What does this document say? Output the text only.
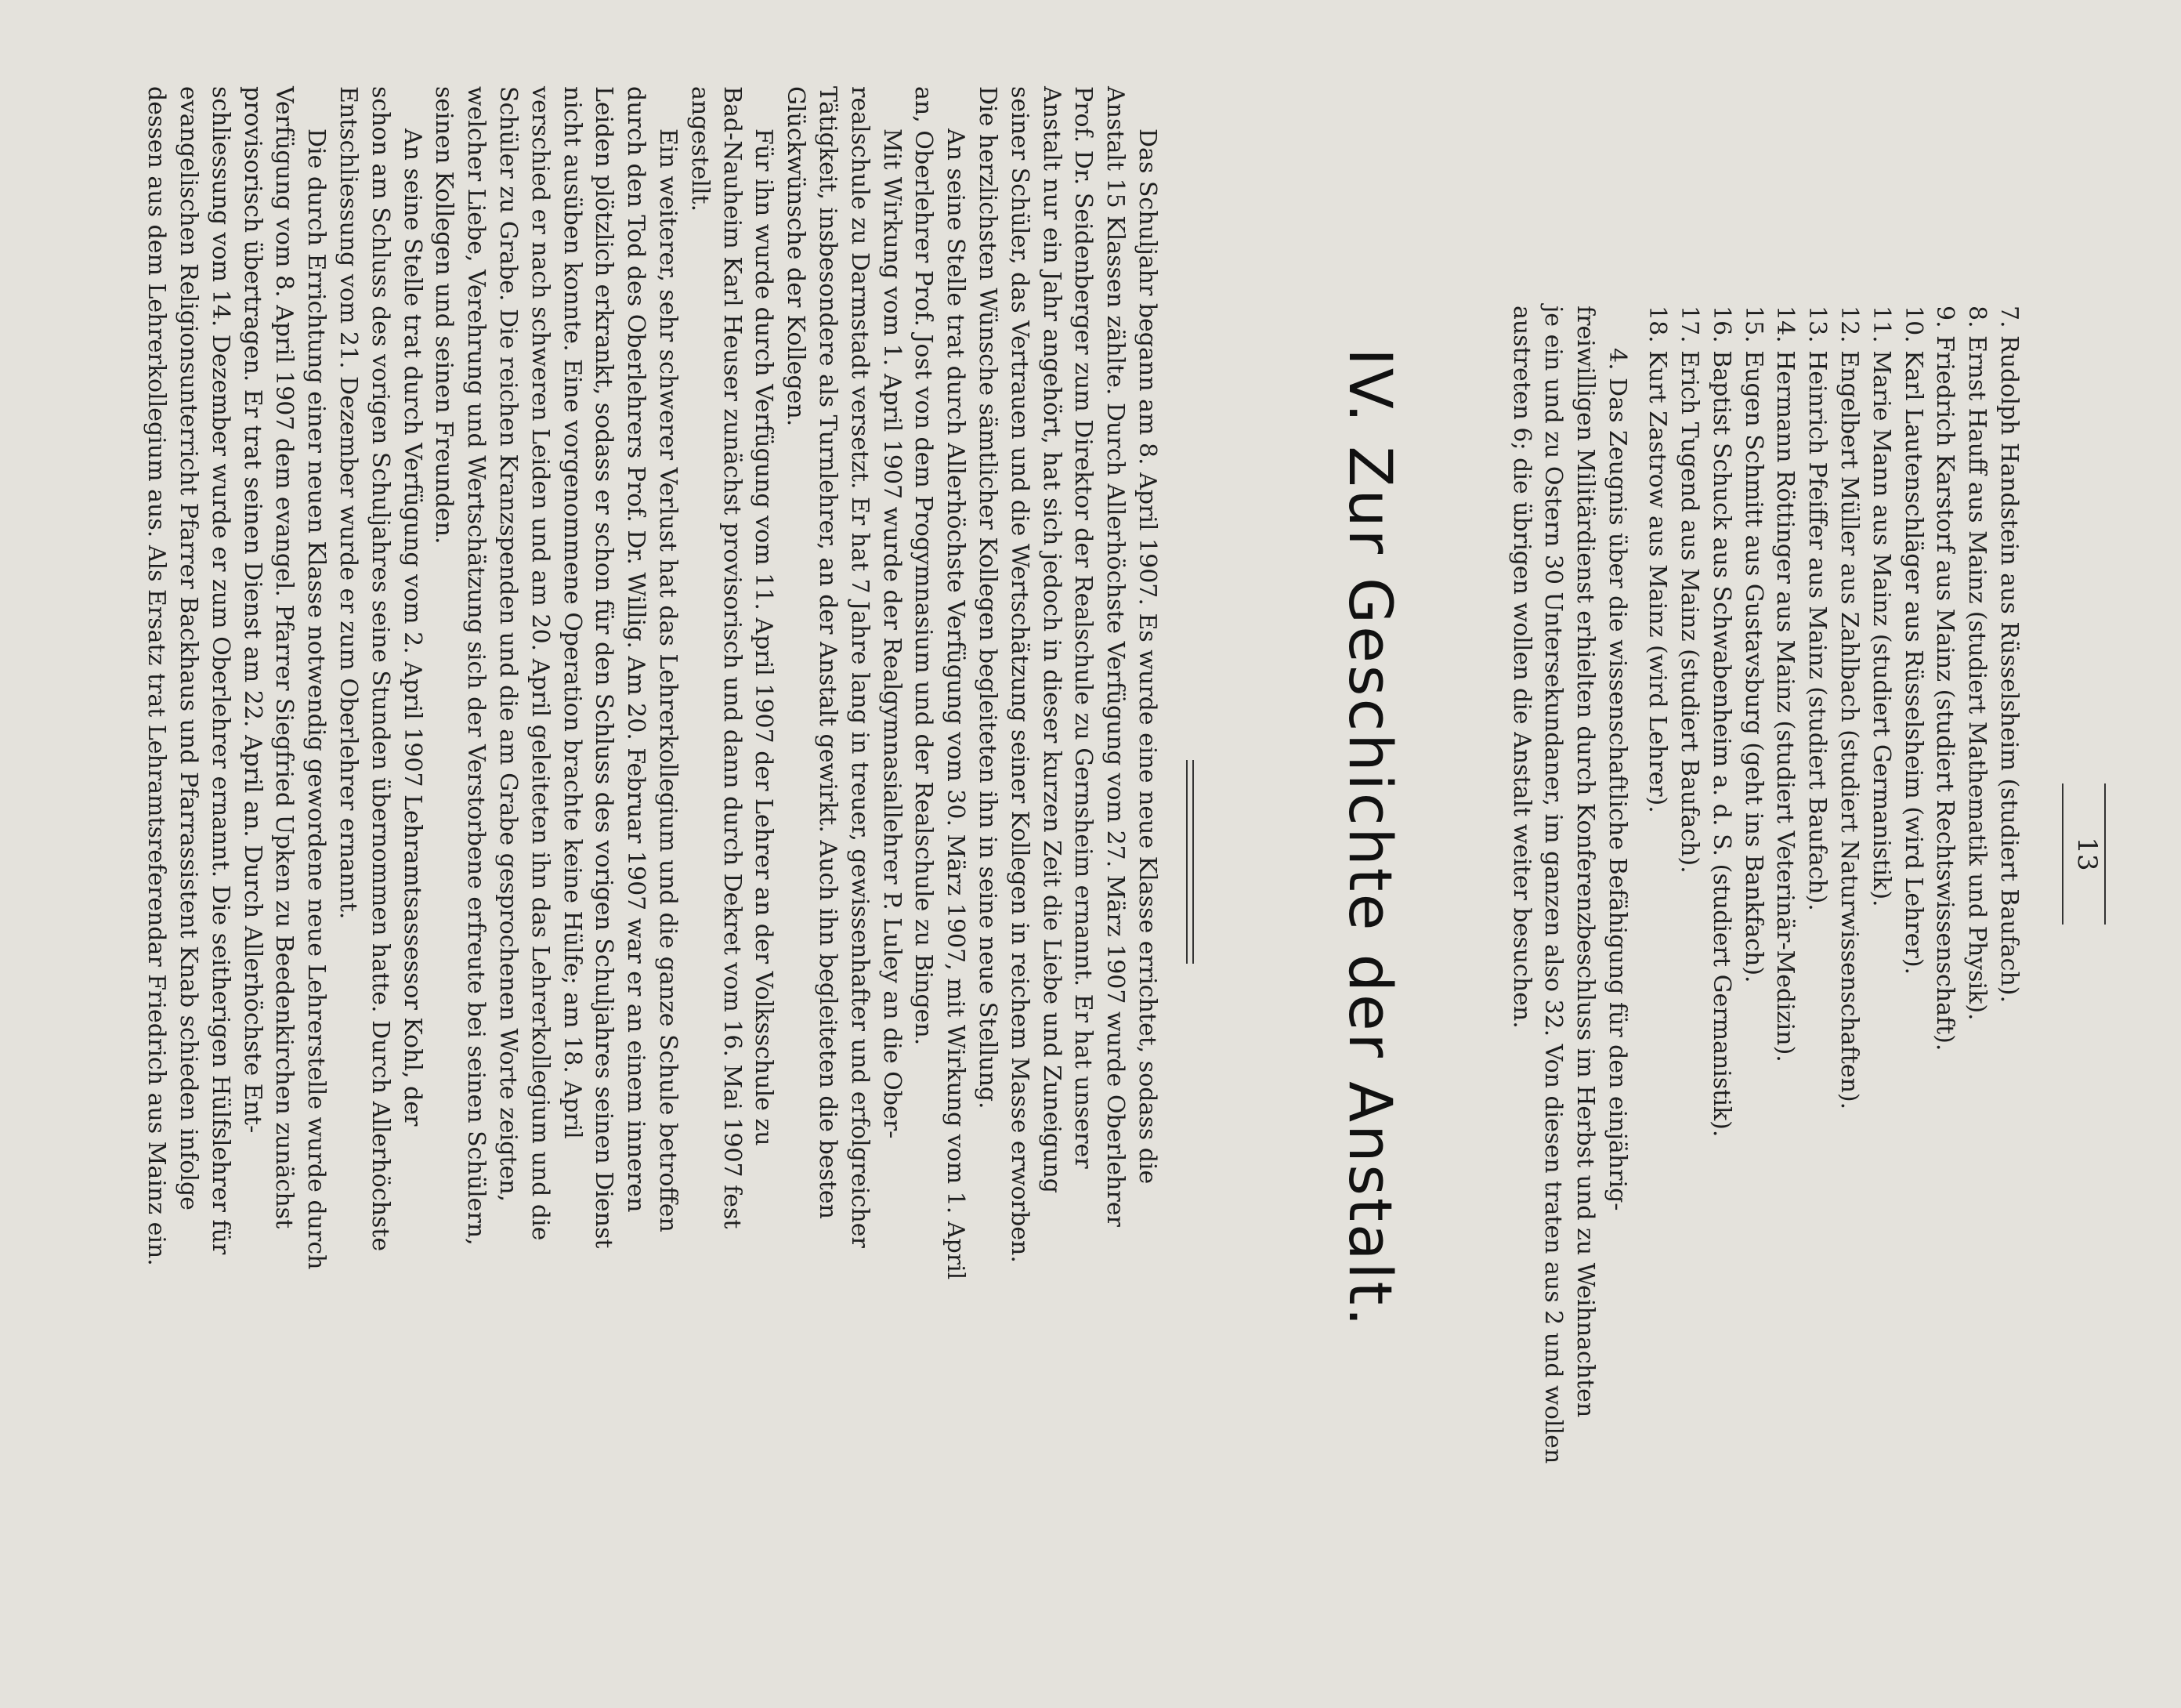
13
7. Rudolph Handstein aus Rüsselsheim (studiert Baufach).
8. Ernst Hauff aus Mainz (studiert Mathematik und Physik).
9. Friedrich Karstorf aus Mainz (studiert Rechtswissenschaft).
10. Karl Lautenschläger aus Rüsselsheim (wird Lehrer).
11. Marie Mann aus Mainz (studiert Germanistik).
12. Engelbert Müller aus Zahlbach (studiert Naturwissenschaften).
13. Heinrich Pfeiffer aus Mainz (studiert Baufach).
14. Hermann Röttinger aus Mainz (studiert Veterinär-Medizin).
15. Eugen Schmitt aus Gustavsburg (geht ins Bankfach).
16. Baptist Schuck aus Schwabenheim a. d. S. (studiert Germanistik).
17. Erich Tugend aus Mainz (studiert Baufach).
18. Kurt Zastrow aus Mainz (wird Lehrer).
4. Das Zeugnis über die wissenschaftliche Befähigung für den einjährig-
freiwilligen Militärdienst erhielten durch Konferenzbeschluss im Herbst und zu Weihnachten
je ein und zu Ostern 30 Untersekundaner, im ganzen also 32. Von diesen traten aus 2 und wollen
austreten 6; die übrigen wollen die Anstalt weiter besuchen.
IV. Zur Geschichte der Anstalt.
Das Schuljahr begann am 8. April 1907. Es wurde eine neue Klasse errichtet, sodass die
Anstalt 15 Klassen zählte. Durch Allerhöchste Verfügung vom 27. März 1907 wurde Oberlehrer
Prof. Dr. Seidenberger zum Direktor der Realschule zu Gernsheim ernannt. Er hat unserer
Anstalt nur ein Jahr angehört, hat sich jedoch in dieser kurzen Zeit die Liebe und Zuneigung
seiner Schüler, das Vertrauen und die Wertschätzung seiner Kollegen in reichem Masse erworben.
Die herzlichsten Wünsche sämtlicher Kollegen begleiteten ihn in seine neue Stellung.
An seine Stelle trat durch Allerhöchste Verfügung vom 30. März 1907, mit Wirkung vom 1. April
an, Oberlehrer Prof. Jost von dem Progymnasium und der Realschule zu Bingen.
Mit Wirkung vom 1. April 1907 wurde der Realgymnasiallehrer P. Luley an die Ober-
realschule zu Darmstadt versetzt. Er hat 7 Jahre lang in treuer, gewissenhafter und erfolgreicher
Tätigkeit, insbesondere als Turnlehrer, an der Anstalt gewirkt. Auch ihn begleiteten die besten
Glückwünsche der Kollegen.
Für ihn wurde durch Verfügung vom 11. April 1907 der Lehrer an der Volksschule zu
Bad-Nauheim Karl Heuser zunächst provisorisch und dann durch Dekret vom 16. Mai 1907 fest
angestellt.
Ein weiterer, sehr schwerer Verlust hat das Lehrerkollegium und die ganze Schule betroffen
durch den Tod des Oberlehrers Prof. Dr. Willig. Am 20. Februar 1907 war er an einem inneren
Leiden plötzlich erkrankt, sodass er schon für den Schluss des vorigen Schuljahres seinen Dienst
nicht ausüben konnte. Eine vorgenommene Operation brachte keine Hülfe; am 18. April
verschied er nach schweren Leiden und am 20. April geleiteten ihn das Lehrerkollegium und die
Schüler zu Grabe. Die reichen Kranzspenden und die am Grabe gesprochenen Worte zeigten,
welcher Liebe, Verehrung und Wertschätzung sich der Verstorbene erfreute bei seinen Schülern,
seinen Kollegen und seinen Freunden.
An seine Stelle trat durch Verfügung vom 2. April 1907 Lehramtsassessor Kohl, der
schon am Schluss des vorigen Schuljahres seine Stunden übernommen hatte. Durch Allerhöchste
Entschliessung vom 21. Dezember wurde er zum Oberlehrer ernannt.
Die durch Errichtung einer neuen Klasse notwendig gewordene neue Lehrerstelle wurde durch
Verfügung vom 8. April 1907 dem evangel. Pfarrer Siegfried Upken zu Beedenkirchen zunächst
provisorisch übertragen. Er trat seinen Dienst am 22. April an. Durch Allerhöchste Ent-
schliessung vom 14. Dezember wurde er zum Oberlehrer ernannt. Die seitherigen Hülfslehrer für
evangelischen Religionsunterricht Pfarrer Backhaus und Pfarrassistent Knab schieden infolge
dessen aus dem Lehrerkollegium aus. Als Ersatz trat Lehramtsreferendar Friedrich aus Mainz ein.
